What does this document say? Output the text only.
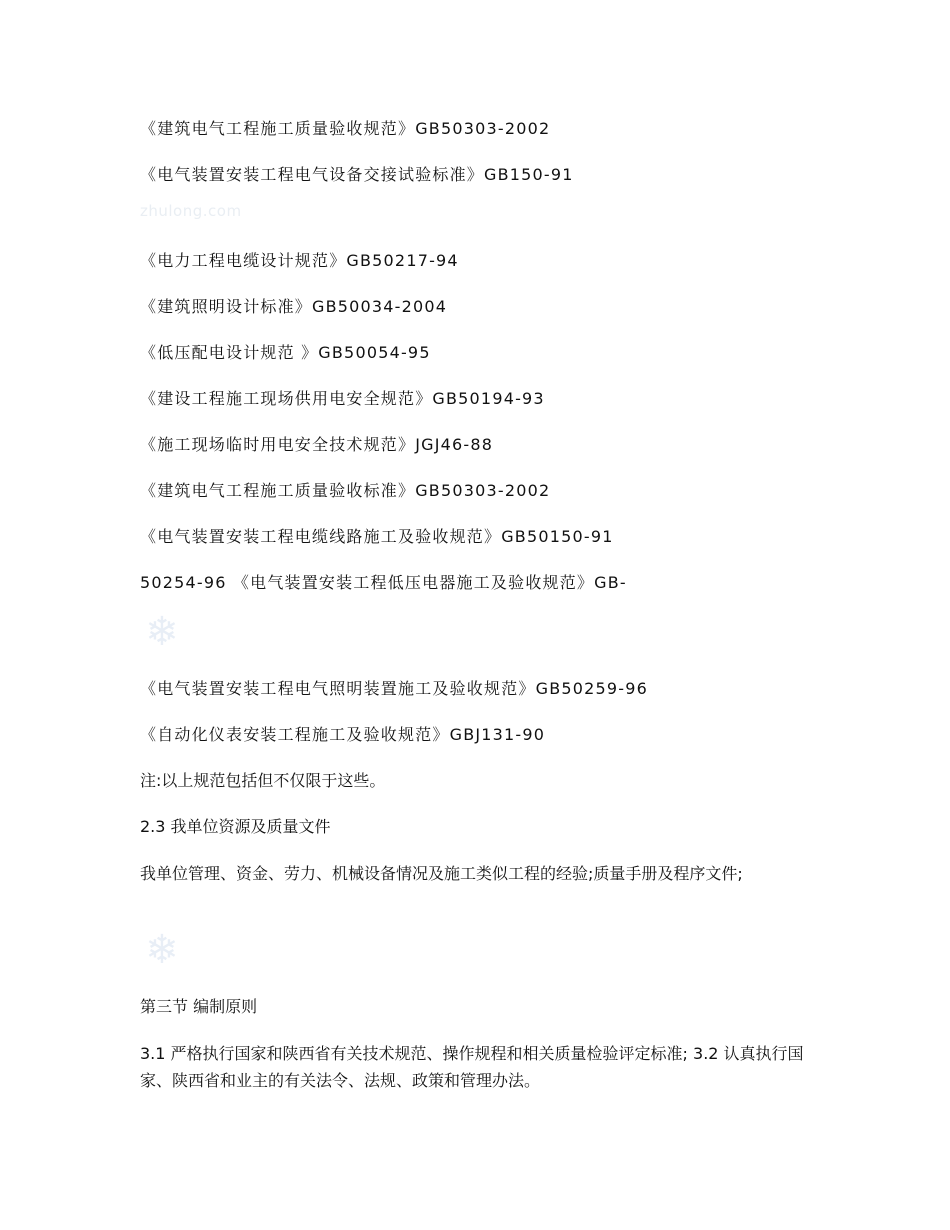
《建筑电气工程施工质量验收规范》GB50303-2002

《电气装置安装工程电气设备交接试验标准》GB150-91

zhulong.com

《电力工程电缆设计规范》GB50217-94

《建筑照明设计标准》GB50034-2004

《低压配电设计规范 》GB50054-95

《建设工程施工现场供用电安全规范》GB50194-93

《施工现场临时用电安全技术规范》JGJ46-88

《建筑电气工程施工质量验收标准》GB50303-2002

《电气装置安装工程电缆线路施工及验收规范》GB50150-91

50254-96 《电气装置安装工程低压电器施工及验收规范》GB-

❄

《电气装置安装工程电气照明装置施工及验收规范》GB50259-96

《自动化仪表安装工程施工及验收规范》GBJ131-90

注:以上规范包括但不仅限于这些。

2.3 我单位资源及质量文件

我单位管理、资金、劳力、机械设备情况及施工类似工程的经验;质量手册及程序文件;

❄

第三节 编制原则

3.1 严格执行国家和陕西省有关技术规范、操作规程和相关质量检验评定标准; 3.2 认真执行国家、陕西省和业主的有关法令、法规、政策和管理办法。
